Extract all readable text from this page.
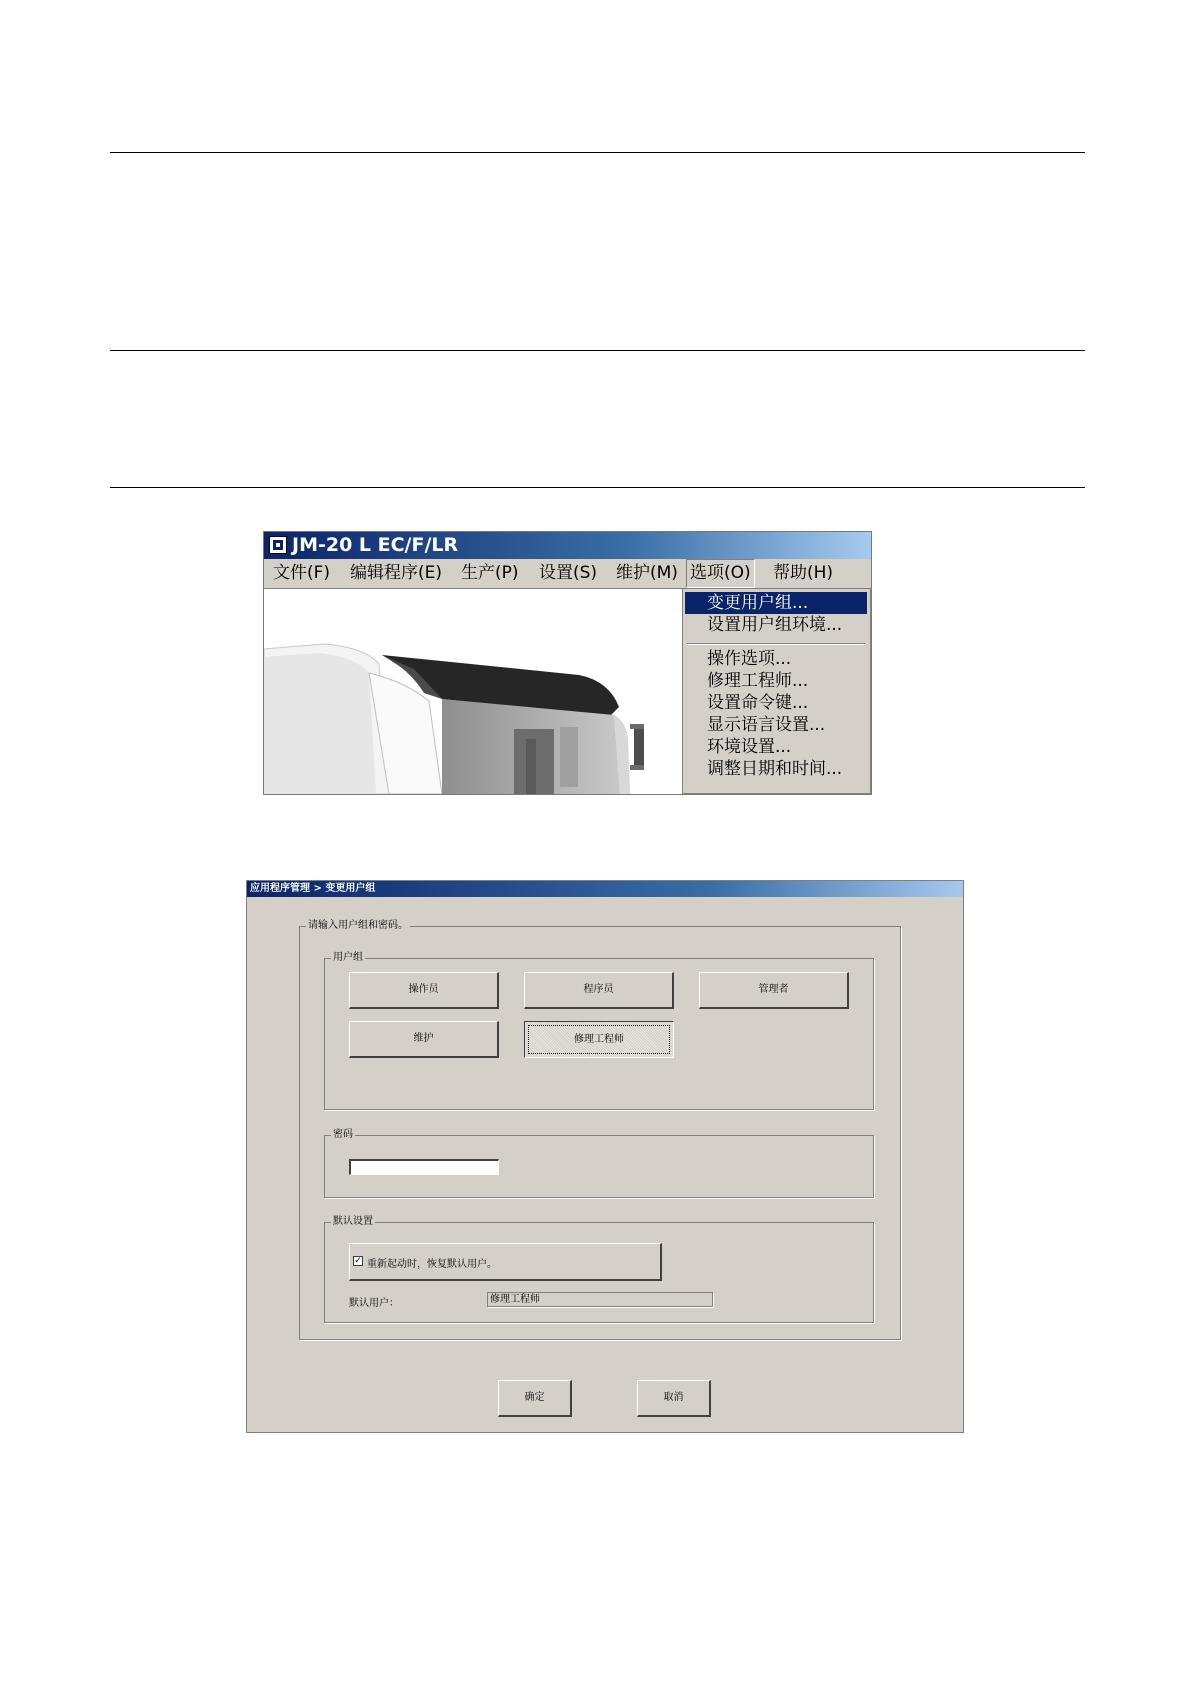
JM-20 L EC/F/LR
文件(F) 编辑程序(E) 生产(P) 设置(S) 维护(M) 选项(O) 帮助(H)
变更用户组...
设置用户组环境...
操作选项...
修理工程师...
设置命令键...
显示语言设置...
环境设置...
调整日期和时间...
应用程序管理 > 变更用户组
请输入用户组和密码。
用户组
操作员	程序员	管理者
维护	修理工程师
密码
默认设置
✓ 重新起动时，恢复默认用户。
默认用户：	修理工程师
确定	取消
